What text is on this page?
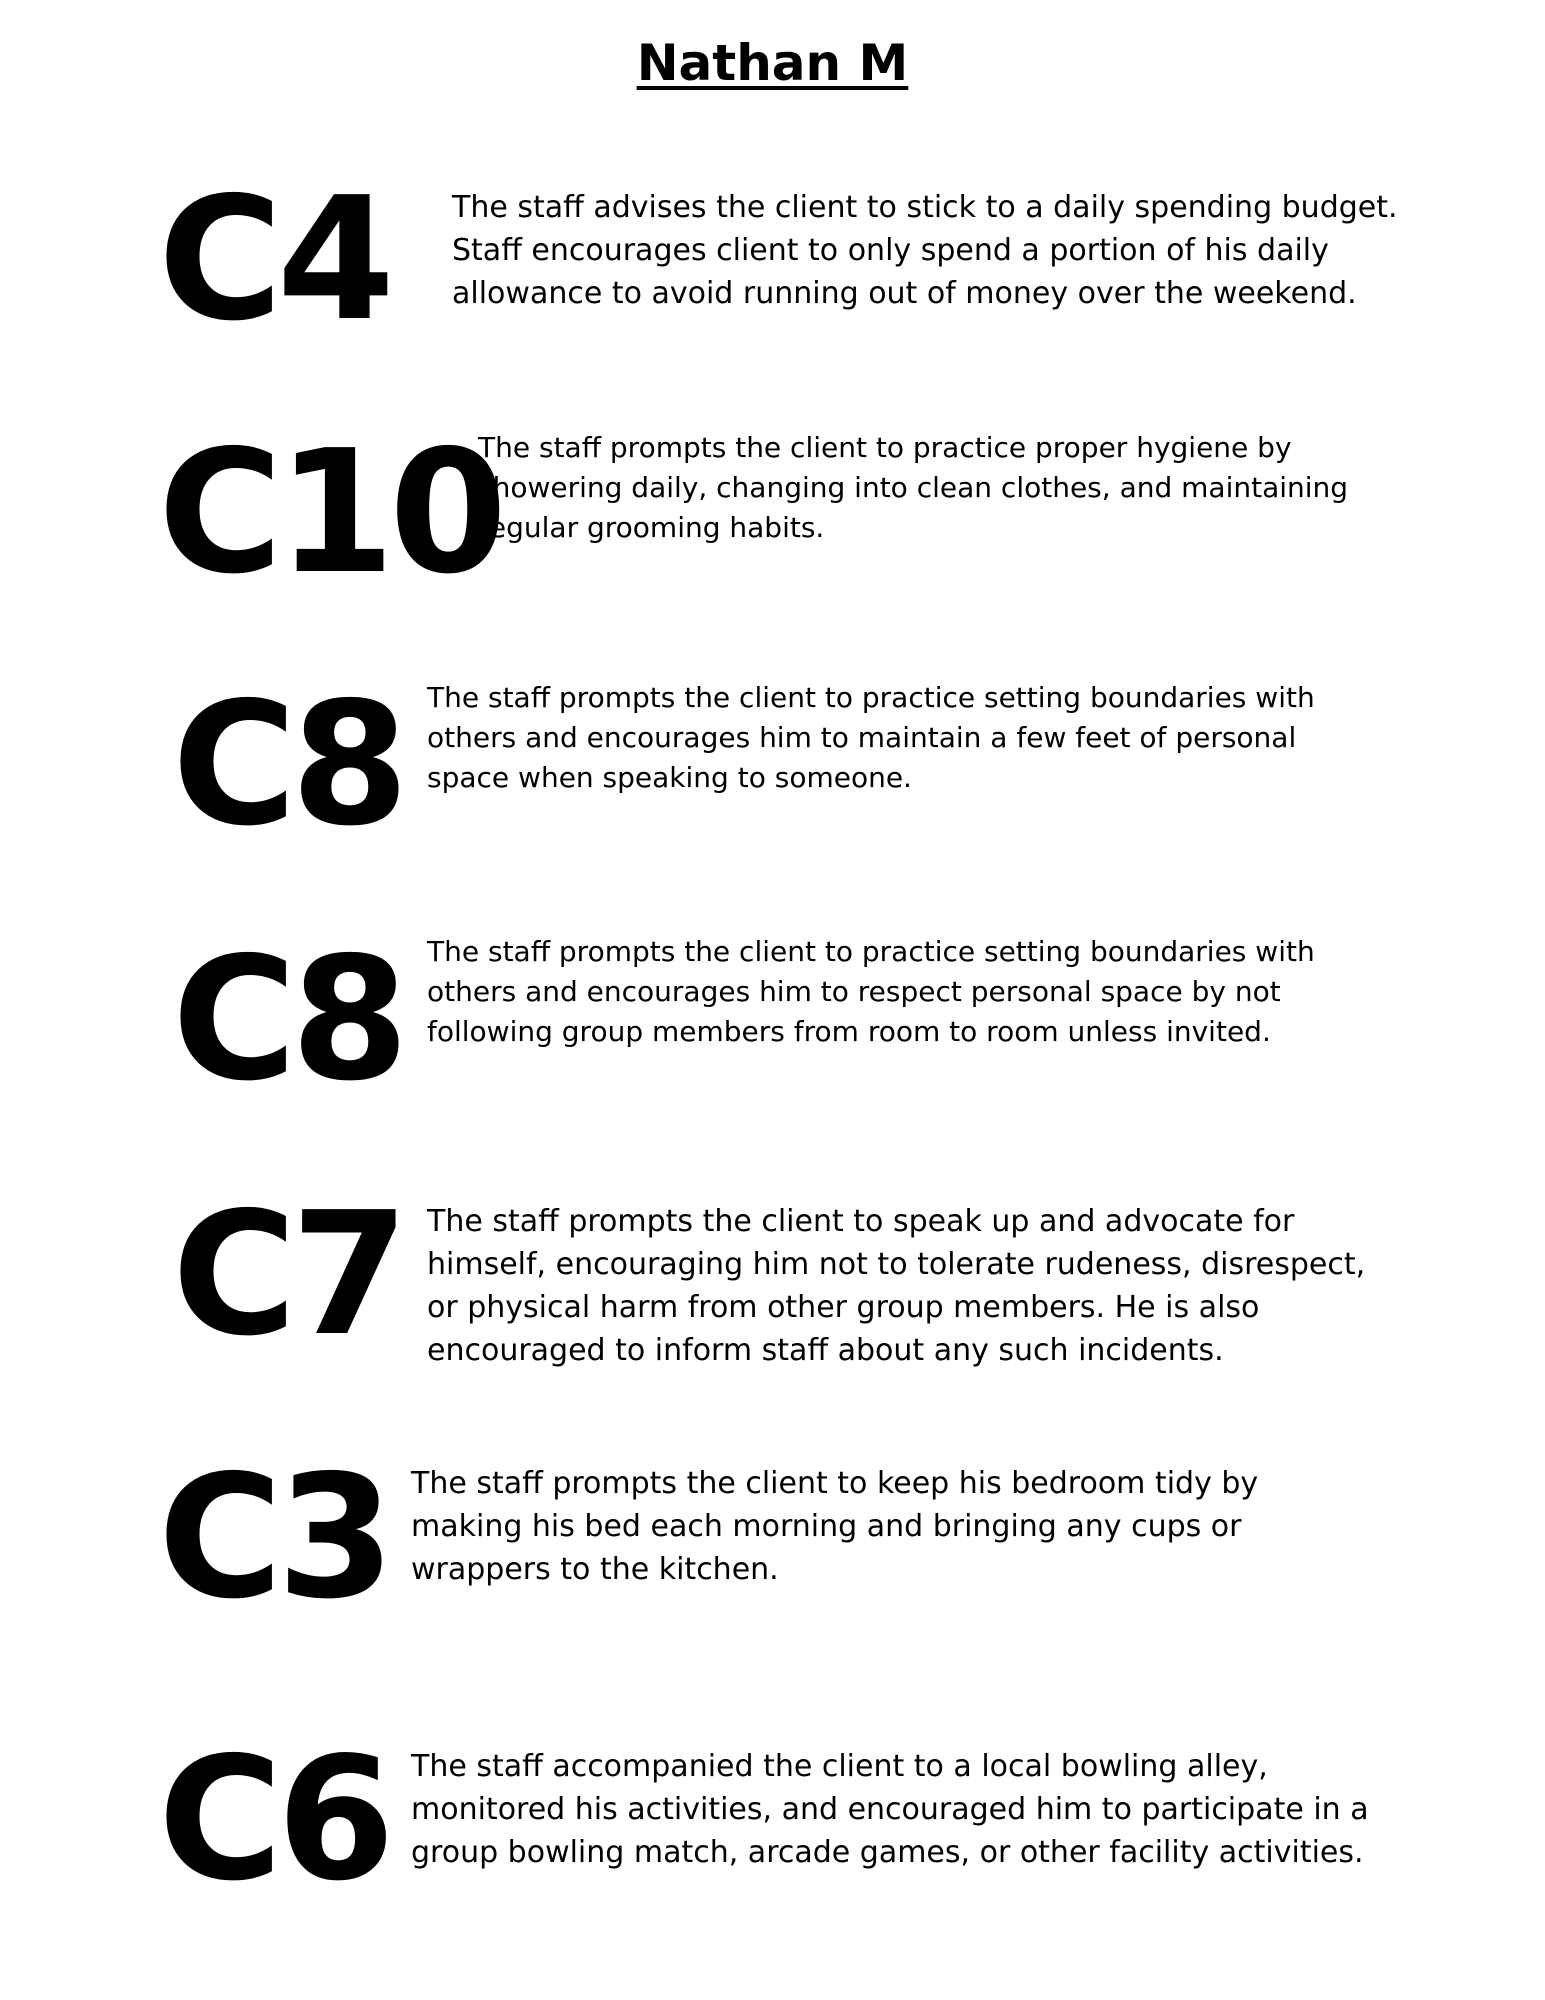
Nathan M
C4 The staff advises the client to stick to a daily spending budget.
Staff encourages client to only spend a portion of his daily
allowance to avoid running out of money over the weekend.

C10

The staff prompts the client to practice proper hygiene by
showering daily, changing into clean clothes, and maintaining
regular grooming habits.

C8 The staff prompts the client to practice setting boundaries with
others and encourages him to maintain a few feet of personal
space when speaking to someone.

C8 The staff prompts the client to practice setting boundaries with
others and encourages him to respect personal space by not
following group members from room to room unless invited.

C7 The staff prompts the client to speak up and advocate for
himself, encouraging him not to tolerate rudeness, disrespect,
or physical harm from other group members. He is also
encouraged to inform staff about any such incidents.

C3 The staff prompts the client to keep his bedroom tidy by
making his bed each morning and bringing any cups or
wrappers to the kitchen.

C6 The staff accompanied the client to a local bowling alley,
monitored his activities, and encouraged him to participate in a
group bowling match, arcade games, or other facility activities.
